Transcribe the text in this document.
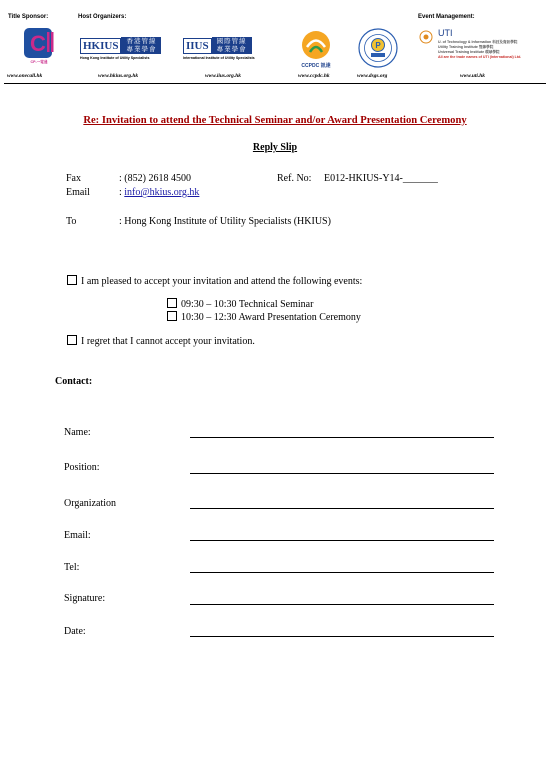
Title Sponsor:	Host Organizers:	Event Management:
C
CP-一電通
HKIUS	香港管線專業學會
Hong Kong Institute of Utility Specialists
IIUS	國際管線專業學會
International Institute of Utility Specialists
CCPDC 訊達
P
UTI
U. of Technology & Information 科技及資訊學院
Utility Training Institute 管線學院
Universal Training Institute 環球學院
All are the trade names of UTI (International) Ltd.
www.onecall.hk	www.hkius.org.hk	www.iius.org.hk	www.ccpdc.hk	www.dsgs.org	www.uti.hk
Re: Invitation to attend the Technical Seminar and/or Award Presentation Ceremony
Reply Slip
Fax	: (852) 2618 4500	Ref. No: E012-HKIUS-Y14-_______
Email	: info@hkius.org.hk
To	: Hong Kong Institute of Utility Specialists (HKIUS)
I am pleased to accept your invitation and attend the following events:
09:30 – 10:30 Technical Seminar
10:30 – 12:30 Award Presentation Ceremony
I regret that I cannot accept your invitation.
Contact:
Name:
Position:
Organization
Email:
Tel:
Signature:
Date:
